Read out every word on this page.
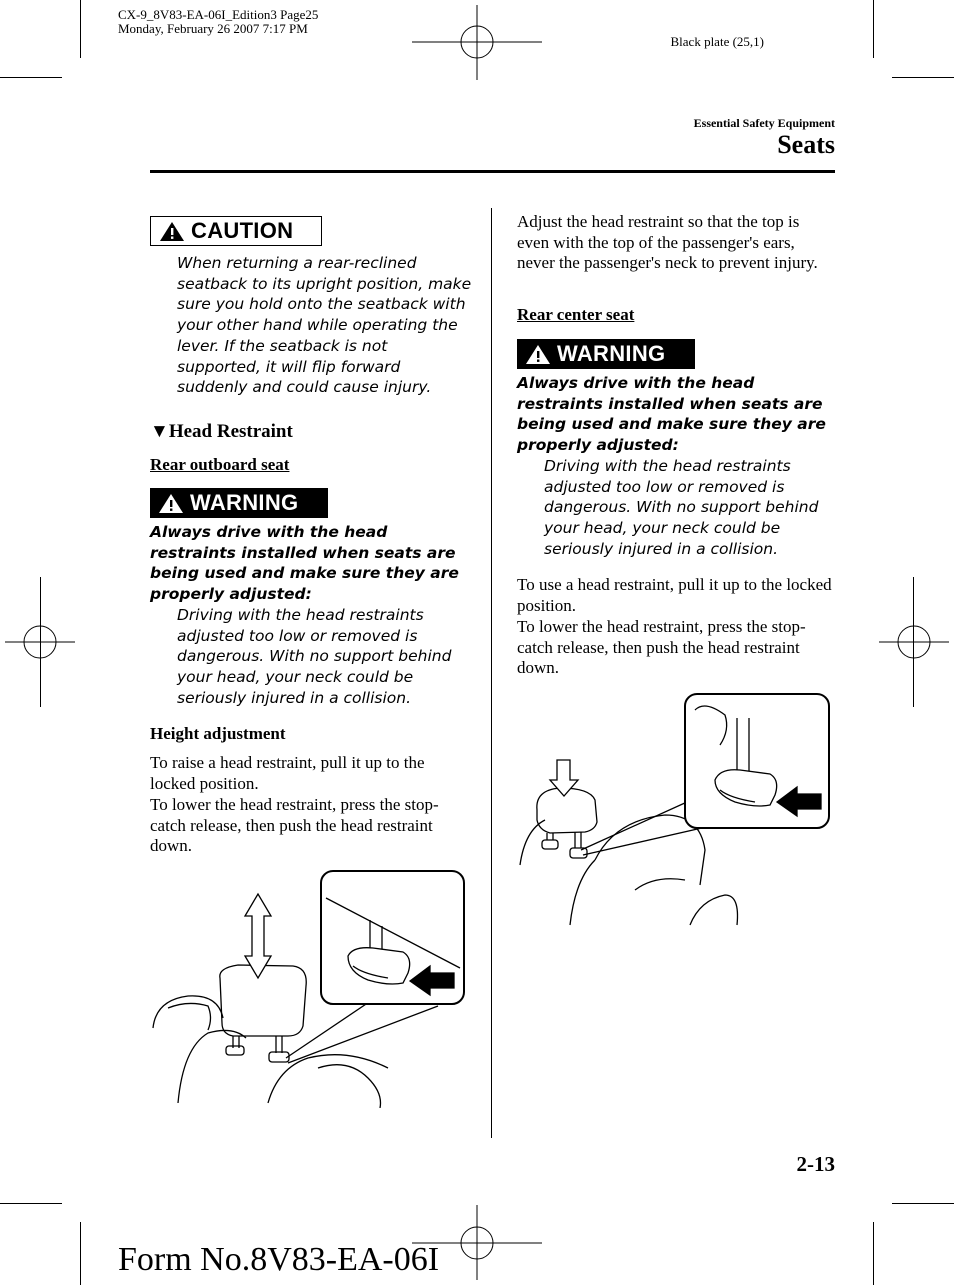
CX-9_8V83-EA-06I_Edition3 Page25
Monday, February 26 2007 7:17 PM
Black plate (25,1)
Essential Safety Equipment
Seats
CAUTION

When returning a rear-reclined seatback to its upright position, make sure you hold onto the seatback with your other hand while operating the lever. If the seatback is not supported, it will flip forward suddenly and could cause injury.

▼Head Restraint
Rear outboard seat
WARNING

Always drive with the head restraints installed when seats are being used and make sure they are properly adjusted:

Driving with the head restraints adjusted too low or removed is dangerous. With no support behind your head, your neck could be seriously injured in a collision.

Height adjustment

To raise a head restraint, pull it up to the locked position.

To lower the head restraint, press the stop-catch release, then push the head restraint down.

Adjust the head restraint so that the top is even with the top of the passenger's ears, never the passenger's neck to prevent injury.

Rear center seat
WARNING

Always drive with the head restraints installed when seats are being used and make sure they are properly adjusted:

Driving with the head restraints adjusted too low or removed is dangerous. With no support behind your head, your neck could be seriously injured in a collision.

To use a head restraint, pull it up to the locked position.

To lower the head restraint, press the stop-catch release, then push the head restraint down.

2-13
Form No.8V83-EA-06I
